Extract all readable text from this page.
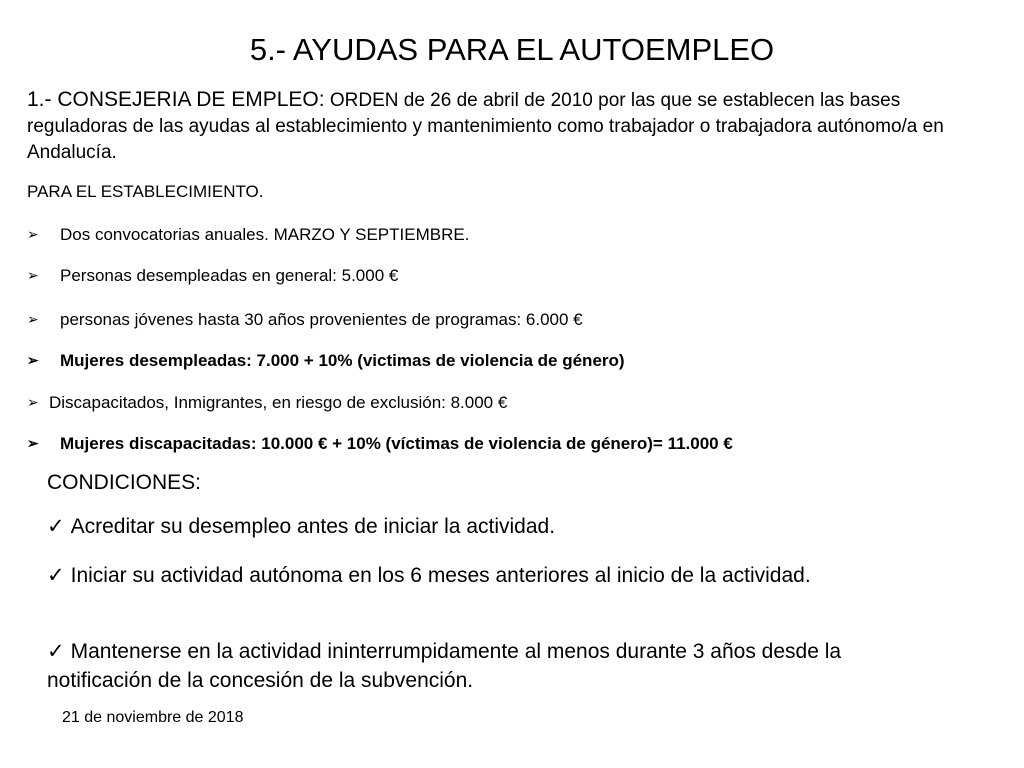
5.- AYUDAS PARA EL AUTOEMPLEO
1.- CONSEJERIA DE EMPLEO: ORDEN de 26 de abril de 2010 por las que se establecen las bases reguladoras de las ayudas al establecimiento y mantenimiento como trabajador o trabajadora autónomo/a en Andalucía.
PARA EL ESTABLECIMIENTO.
➢ Dos convocatorias anuales. MARZO Y SEPTIEMBRE.
➢ Personas desempleadas en general: 5.000 €
➢ personas jóvenes hasta 30 años provenientes de programas: 6.000 €
➢ Mujeres desempleadas: 7.000 + 10% (victimas de violencia de género)
➢ Discapacitados, Inmigrantes, en riesgo de exclusión: 8.000 €
➢ Mujeres discapacitadas: 10.000 € + 10% (víctimas de violencia de género)= 11.000 €
CONDICIONES:
✓ Acreditar su desempleo antes de iniciar la actividad.
✓ Iniciar su actividad autónoma en los 6 meses anteriores al inicio de la actividad.
✓ Mantenerse en la actividad ininterrumpidamente al menos durante 3 años desde la notificación de la concesión de la subvención.
21 de noviembre de 2018
